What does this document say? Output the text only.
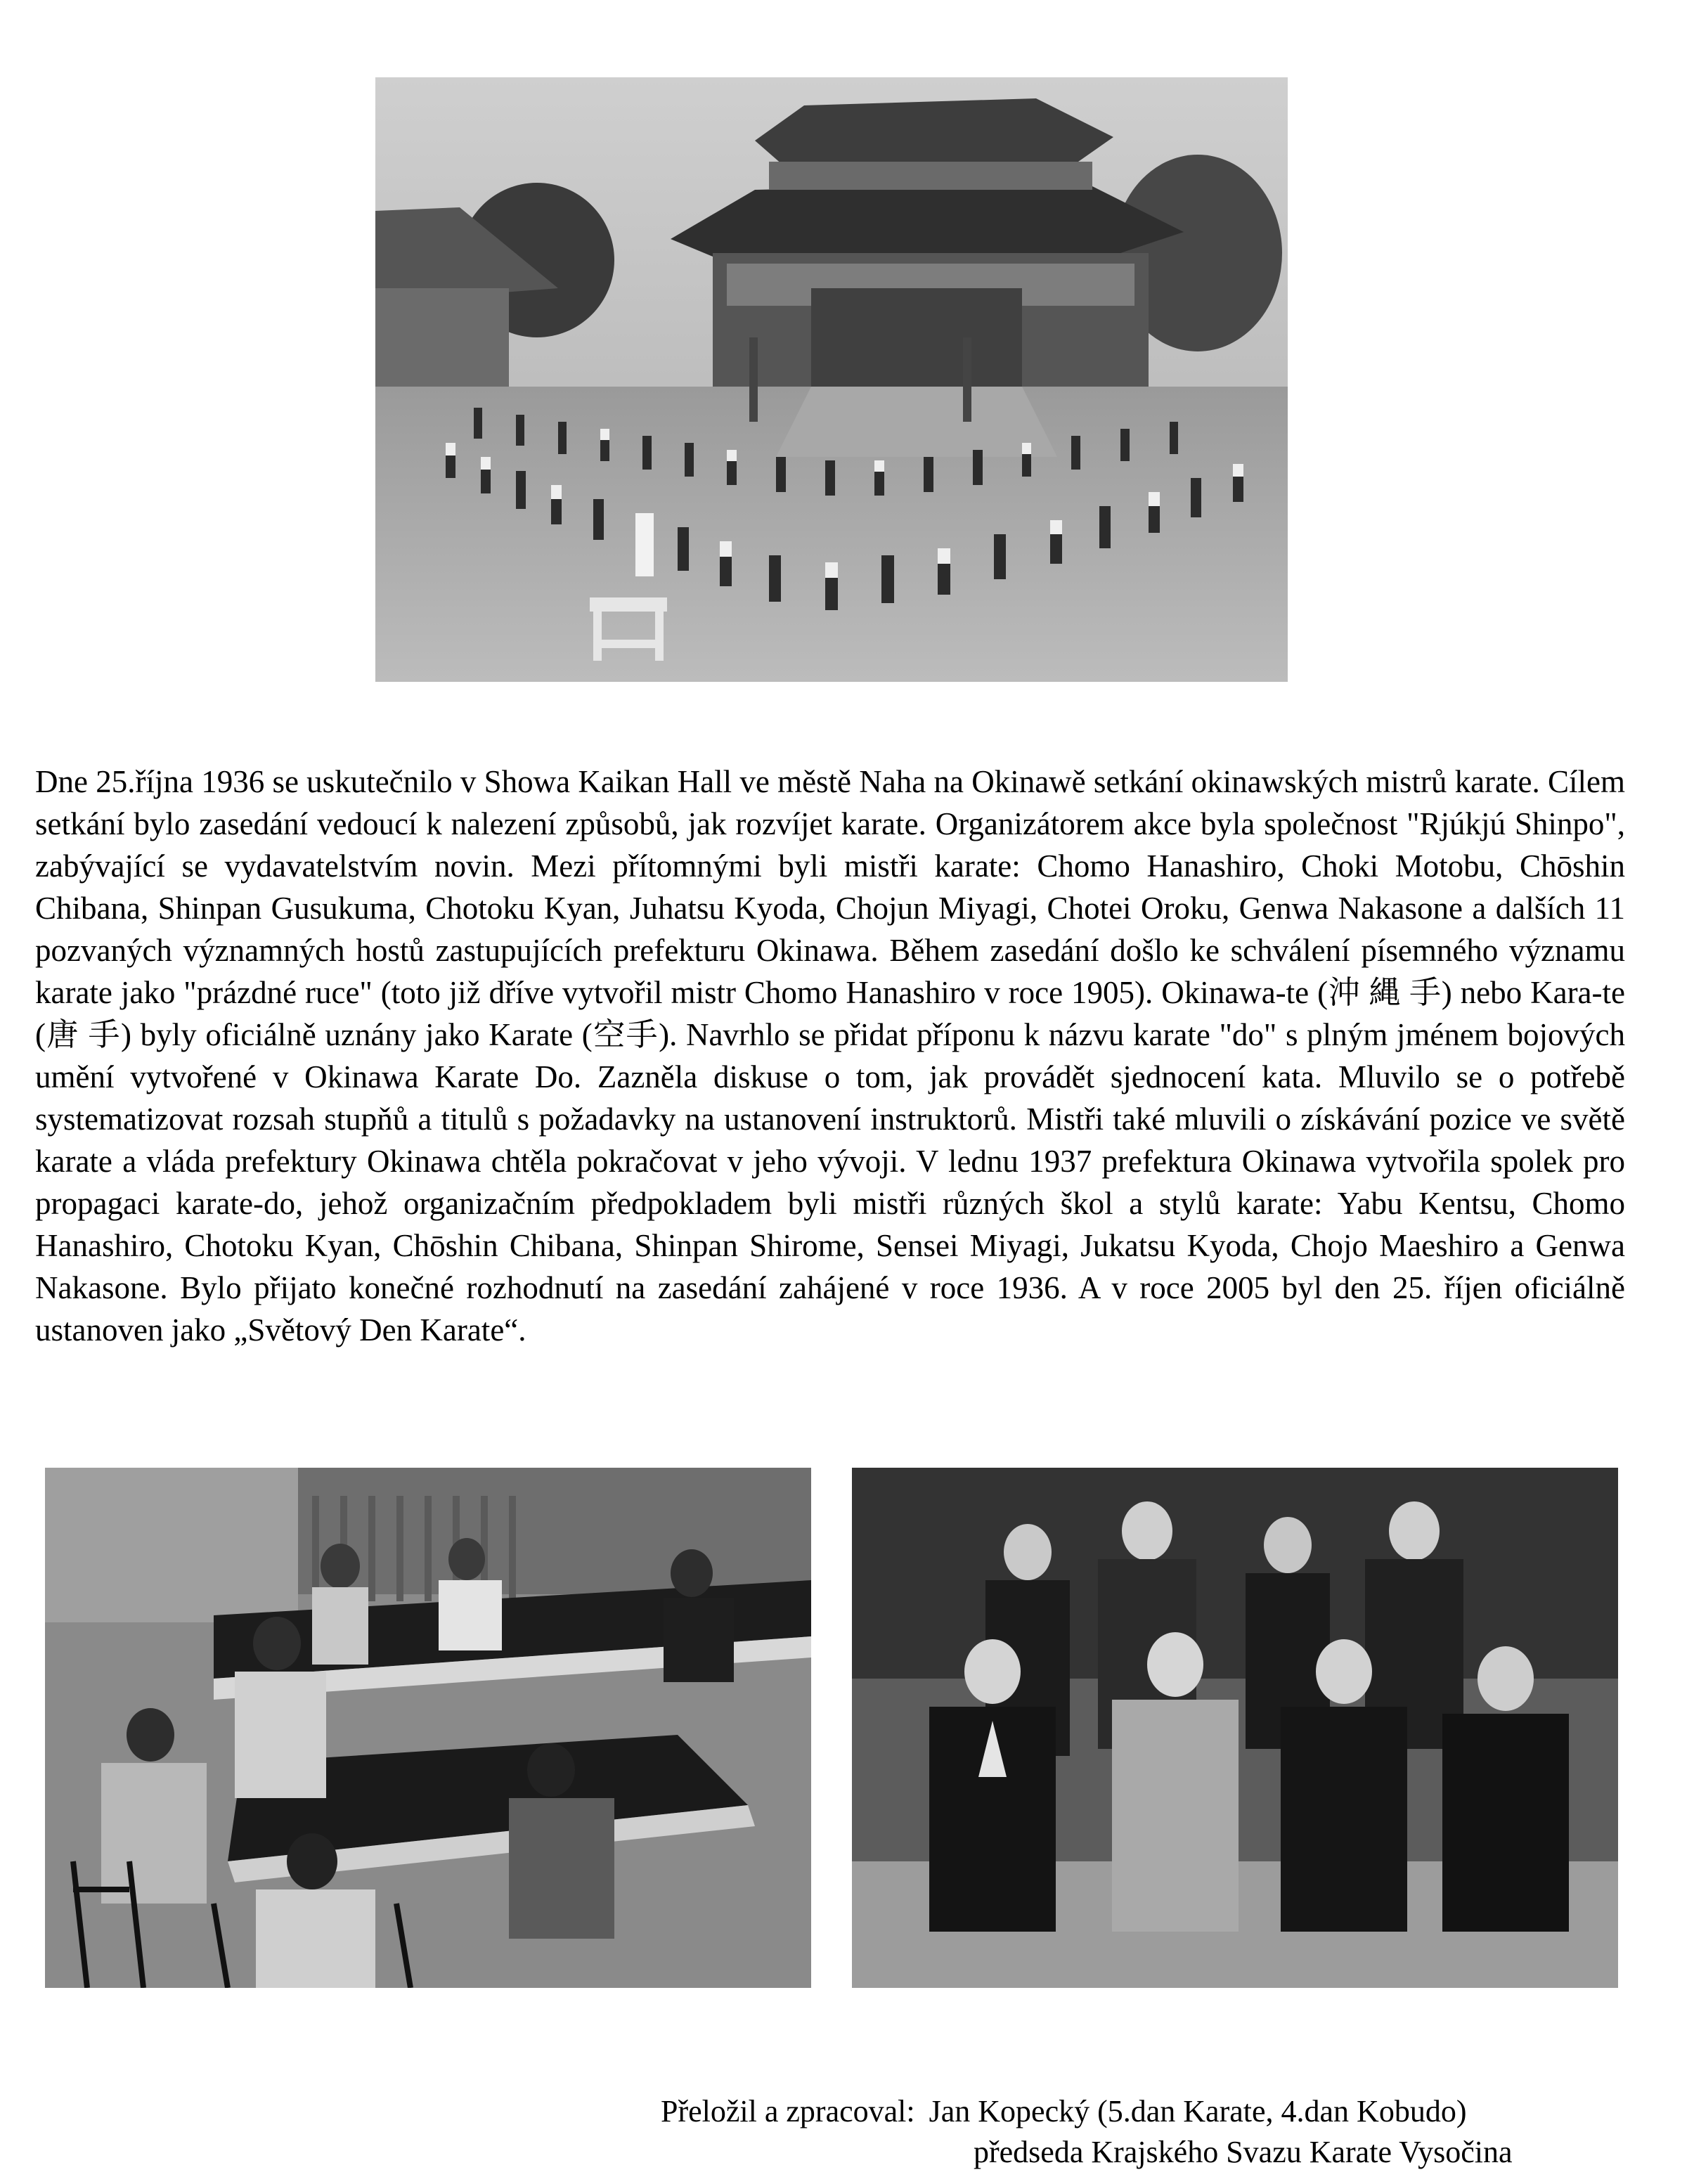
Dne 25.října 1936 se uskutečnilo v Showa Kaikan Hall ve městě Naha na Okinawě setkání okinawských mistrů karate. Cílem setkání bylo zasedání vedoucí k nalezení způsobů, jak rozvíjet karate. Organizátorem akce byla společnost "Rjúkjú Shinpo", zabývající se vydavatelstvím novin. Mezi přítomnými byli mistři karate: Chomo Hanashiro, Choki Motobu, Chōshin Chibana, Shinpan Gusukuma, Chotoku Kyan, Juhatsu Kyoda, Chojun Miyagi, Chotei Oroku, Genwa Nakasone a dalších 11 pozvaných významných hostů zastupujících prefekturu Okinawa. Během zasedání došlo ke schválení písemného významu karate jako "prázdné ruce" (toto již dříve vytvořil mistr Chomo Hanashiro v roce 1905). Okinawa-te (沖 縄 手) nebo Kara-te (唐 手) byly oficiálně uznány jako Karate (空手). Navrhlo se přidat příponu k názvu karate "do" s plným jménem bojových umění vytvořené v Okinawa Karate Do. Zazněla diskuse o tom, jak provádět sjednocení kata. Mluvilo se o potřebě systematizovat rozsah stupňů a titulů s požadavky na ustanovení instruktorů. Mistři také mluvili o získávání pozice ve světě karate a vláda prefektury Okinawa chtěla pokračovat v jeho vývoji. V lednu 1937 prefektura Okinawa vytvořila spolek pro propagaci karate-do, jehož organizačním předpokladem byli mistři různých škol a stylů karate: Yabu Kentsu, Chomo Hanashiro, Chotoku Kyan, Chōshin Chibana, Shinpan Shirome, Sensei Miyagi, Jukatsu Kyoda, Chojo Maeshiro a Genwa Nakasone. Bylo přijato konečné rozhodnutí na zasedání zahájené v roce 1936. A v roce 2005 byl den 25. říjen oficiálně ustanoven jako „Světový Den Karate“.

Přeložil a zpracoval: Jan Kopecký (5.dan Karate, 4.dan Kobudo)
předseda Krajského Svazu Karate Vysočina
